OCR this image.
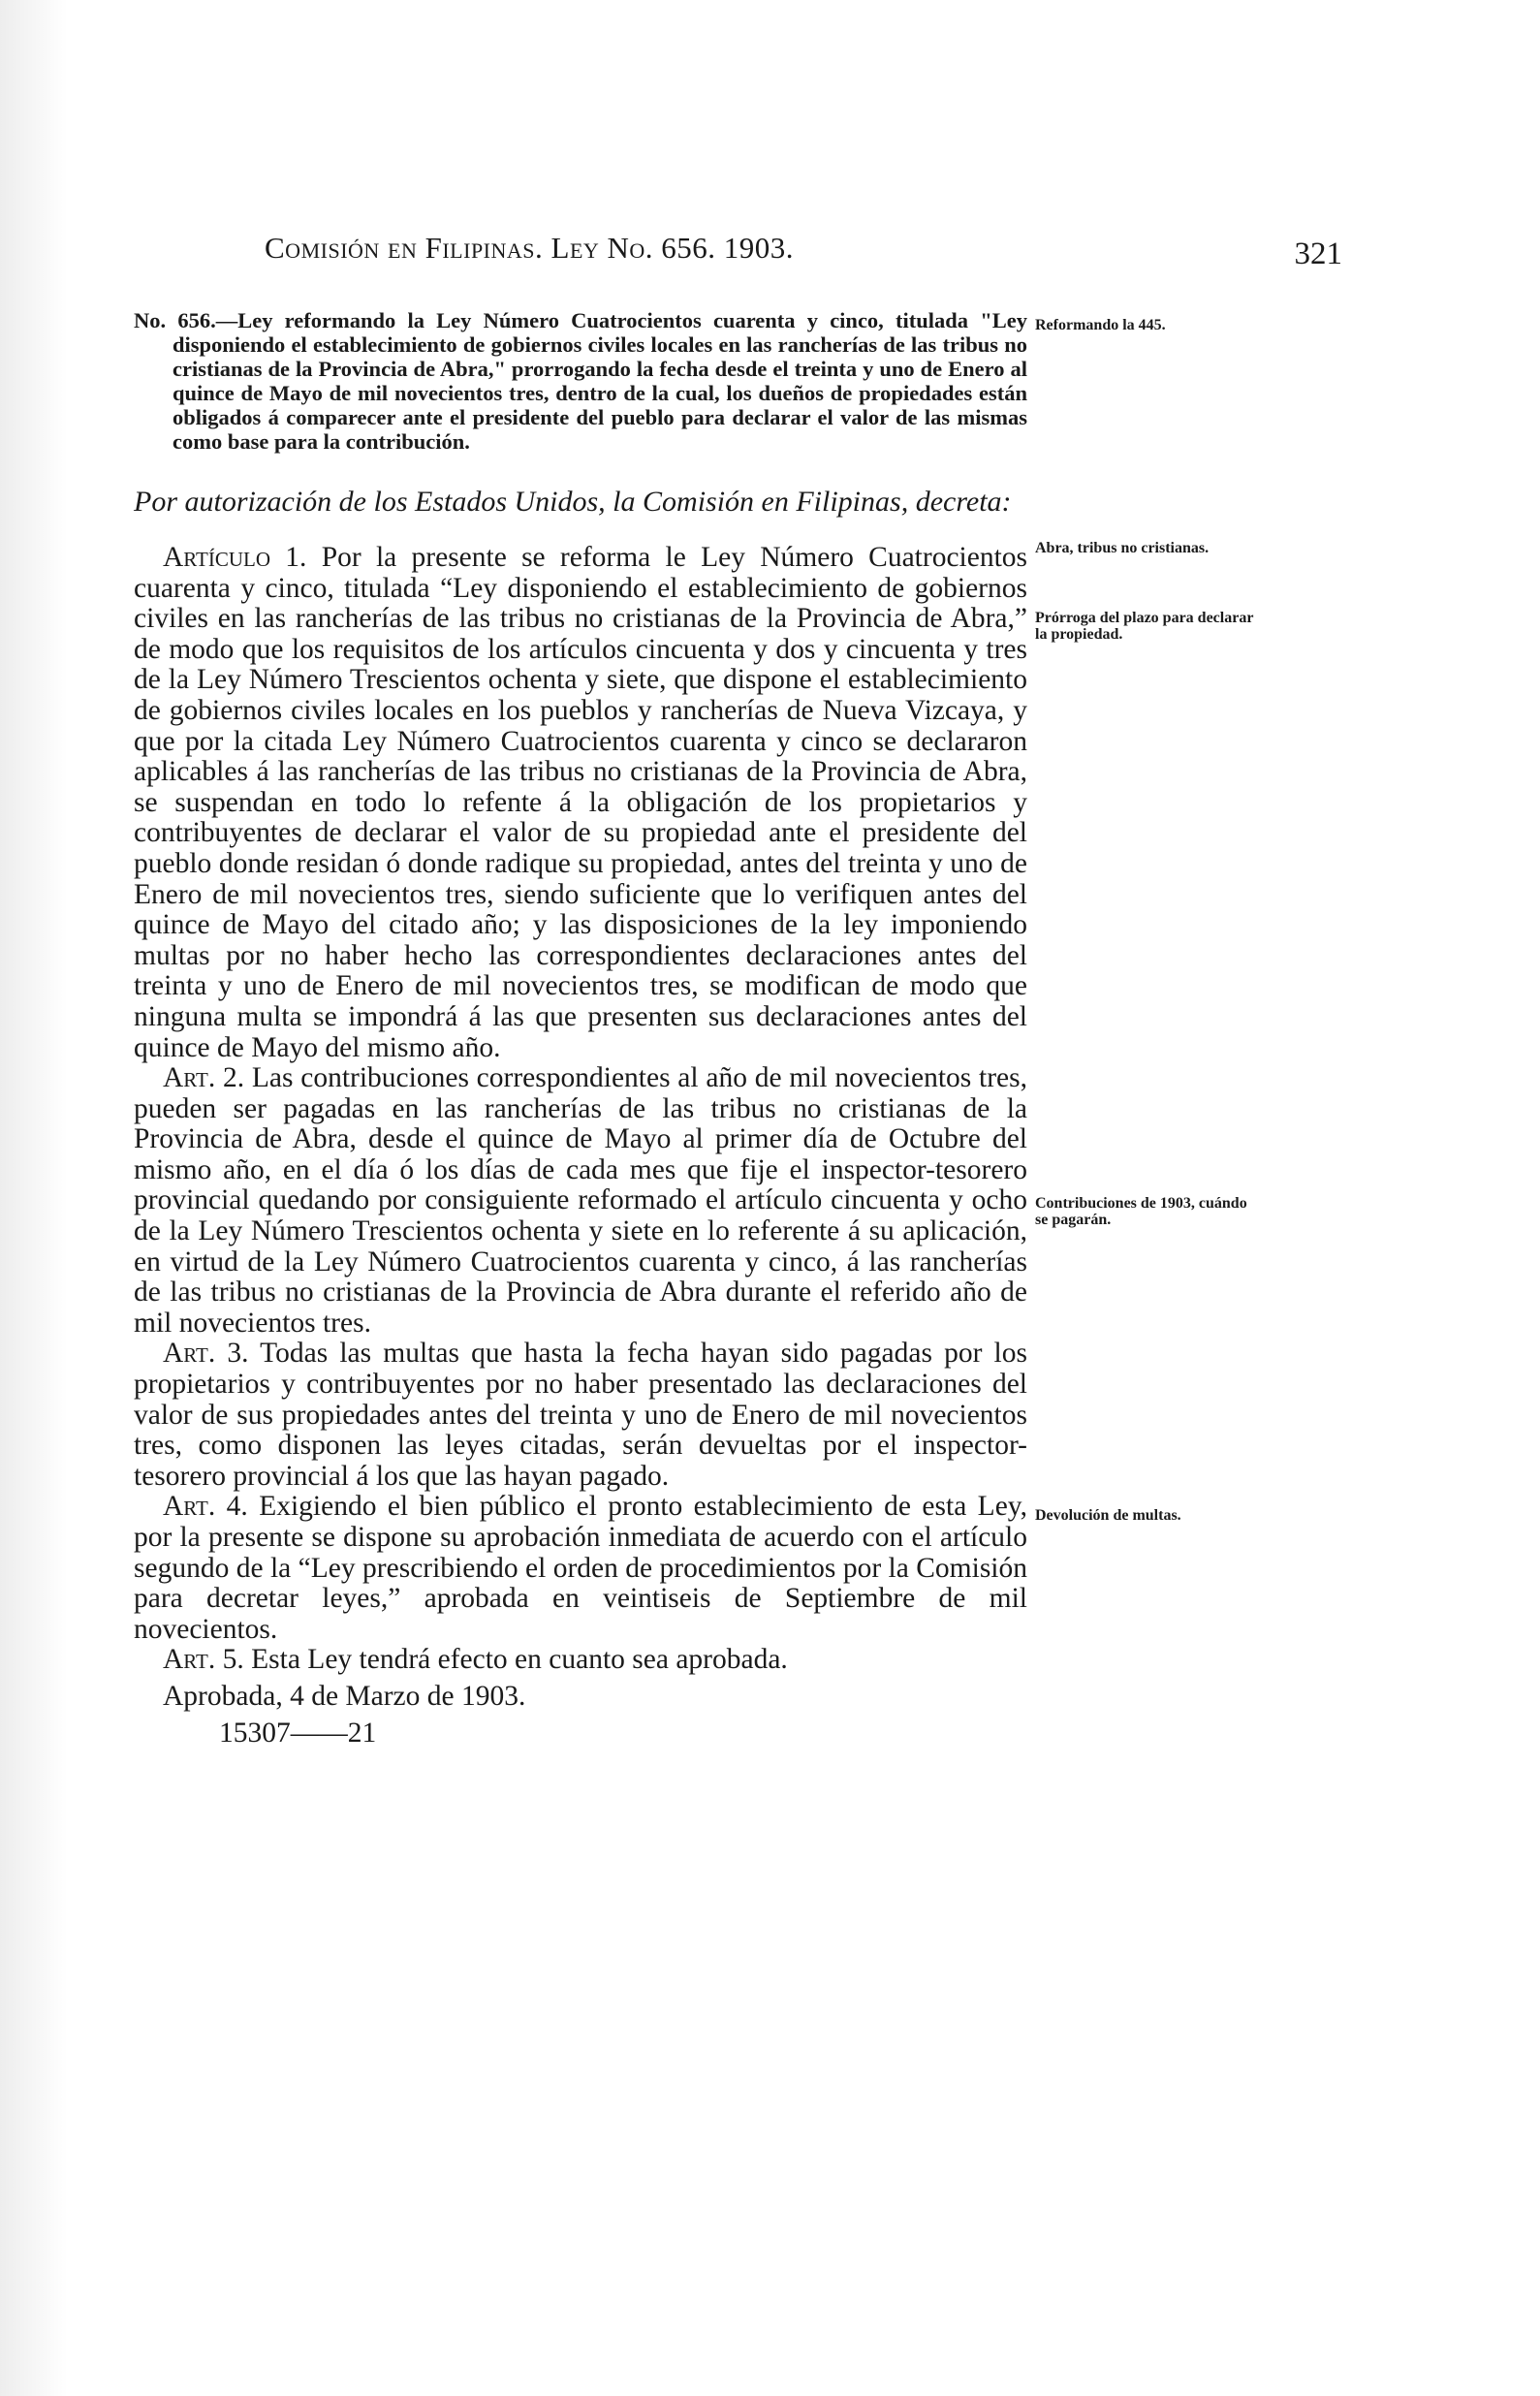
Comisión en Filipinas. Ley No. 656. 1903.	321

No. 656.—Ley reformando la Ley Número Cuatrocientos cuarenta y cinco, titulada "Ley disponiendo el establecimiento de gobiernos civiles locales en las rancherías de las tribus no cristianas de la Provincia de Abra," prorrogando la fecha desde el treinta y uno de Enero al quince de Mayo de mil novecientos tres, dentro de la cual, los dueños de propiedades están obligados á comparecer ante el presidente del pueblo para declarar el valor de las mismas como base para la contribución.

Por autorización de los Estados Unidos, la Comisión en Filipinas, decreta:

Artículo 1. Por la presente se reforma le Ley Número Cuatrocientos cuarenta y cinco, titulada “Ley disponiendo el establecimiento de gobiernos civiles en las rancherías de las tribus no cristianas de la Provincia de Abra,” de modo que los requisitos de los artículos cincuenta y dos y cincuenta y tres de la Ley Número Trescientos ochenta y siete, que dispone el establecimiento de gobiernos civiles locales en los pueblos y rancherías de Nueva Vizcaya, y que por la citada Ley Número Cuatrocientos cuarenta y cinco se declararon aplicables á las rancherías de las tribus no cristianas de la Provincia de Abra, se suspendan en todo lo refente á la obligación de los propietarios y contribuyentes de declarar el valor de su propiedad ante el presidente del pueblo donde residan ó donde radique su propiedad, antes del treinta y uno de Enero de mil novecientos tres, siendo suficiente que lo verifiquen antes del quince de Mayo del citado año; y las disposiciones de la ley imponiendo multas por no haber hecho las correspondientes declaraciones antes del treinta y uno de Enero de mil novecientos tres, se modifican de modo que ninguna multa se impondrá á las que presenten sus declaraciones antes del quince de Mayo del mismo año.

Art. 2. Las contribuciones correspondientes al año de mil novecientos tres, pueden ser pagadas en las rancherías de las tribus no cristianas de la Provincia de Abra, desde el quince de Mayo al primer día de Octubre del mismo año, en el día ó los días de cada mes que fije el inspector-tesorero provincial quedando por consiguiente reformado el artículo cincuenta y ocho de la Ley Número Trescientos ochenta y siete en lo referente á su aplicación, en virtud de la Ley Número Cuatrocientos cuarenta y cinco, á las rancherías de las tribus no cristianas de la Provincia de Abra durante el referido año de mil novecientos tres.

Art. 3. Todas las multas que hasta la fecha hayan sido pagadas por los propietarios y contribuyentes por no haber presentado las declaraciones del valor de sus propiedades antes del treinta y uno de Enero de mil novecientos tres, como disponen las leyes citadas, serán devueltas por el inspector-tesorero provincial á los que las hayan pagado.

Art. 4. Exigiendo el bien público el pronto establecimiento de esta Ley, por la presente se dispone su aprobación inmediata de acuerdo con el artículo segundo de la “Ley prescribiendo el orden de procedimientos por la Comisión para decretar leyes,” aprobada en veintiseis de Septiembre de mil novecientos.

Art. 5. Esta Ley tendrá efecto en cuanto sea aprobada.

Aprobada, 4 de Marzo de 1903.

15307——21

Reformando la 445.
Abra, tribus no cristianas.
Prórroga del plazo para declarar la propiedad.
Contribuciones de 1903, cuándo se pagarán.
Devolución de multas.
